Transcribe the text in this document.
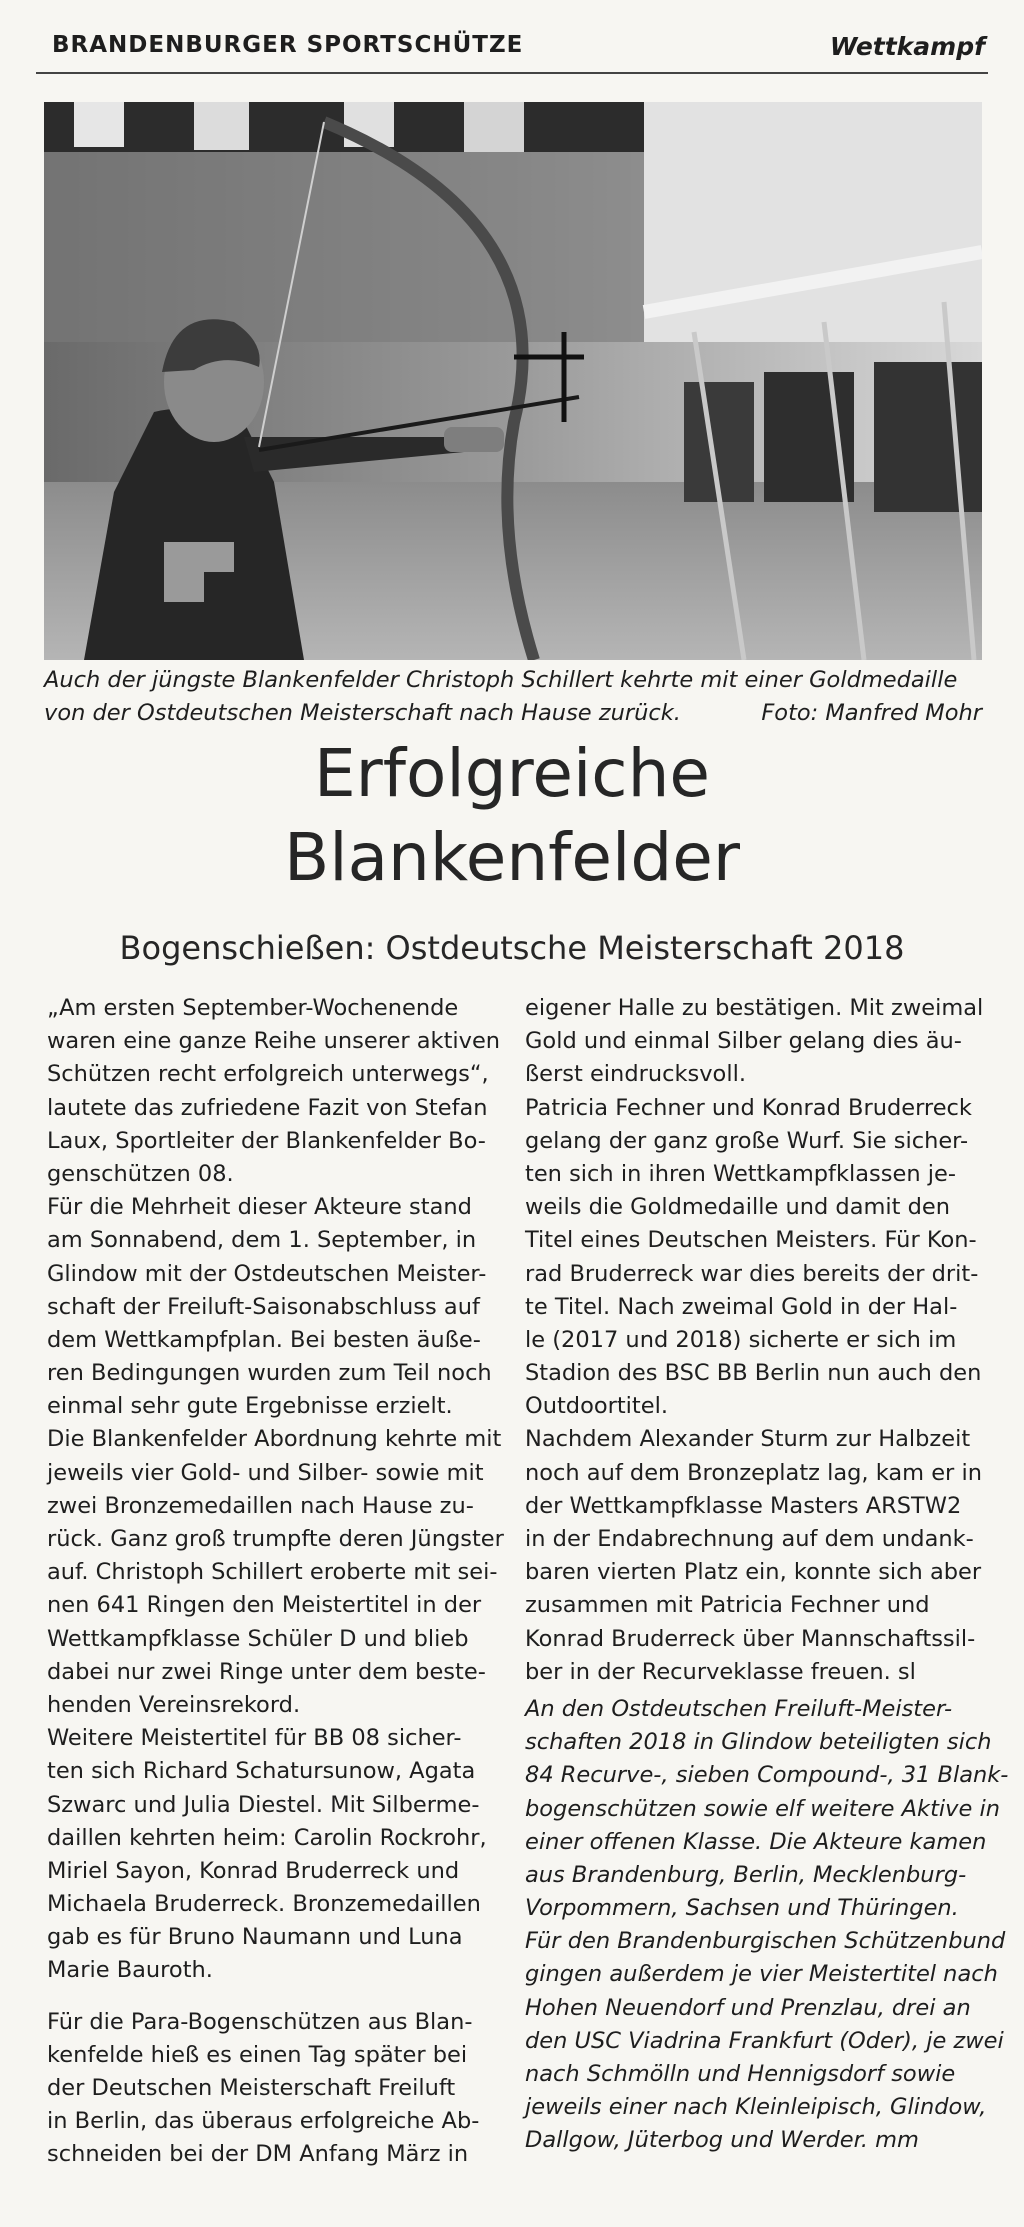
BRANDENBURGER SPORTSCHÜTZE	Wettkampf
Auch der jüngste Blankenfelder Christoph Schillert kehrte mit einer Goldmedaille
von der Ostdeutschen Meisterschaft nach Hause zurück.	Foto: Manfred Mohr
Erfolgreiche
Blankenfelder
Bogenschießen: Ostdeutsche Meisterschaft 2018
„Am ersten September-Wochenende
waren eine ganze Reihe unserer aktiven
Schützen recht erfolgreich unterwegs“,
lautete das zufriedene Fazit von Stefan
Laux, Sportleiter der Blankenfelder Bo-
genschützen 08.
Für die Mehrheit dieser Akteure stand
am Sonnabend, dem 1. September, in
Glindow mit der Ostdeutschen Meister-
schaft der Freiluft-Saisonabschluss auf
dem Wettkampfplan. Bei besten äuße-
ren Bedingungen wurden zum Teil noch
einmal sehr gute Ergebnisse erzielt.
Die Blankenfelder Abordnung kehrte mit
jeweils vier Gold- und Silber- sowie mit
zwei Bronzemedaillen nach Hause zu-
rück. Ganz groß trumpfte deren Jüngster
auf. Christoph Schillert eroberte mit sei-
nen 641 Ringen den Meistertitel in der
Wettkampfklasse Schüler D und blieb
dabei nur zwei Ringe unter dem beste-
henden Vereinsrekord.
Weitere Meistertitel für BB 08 sicher-
ten sich Richard Schatursunow, Agata
Szwarc und Julia Diestel. Mit Silberme-
daillen kehrten heim: Carolin Rockrohr,
Miriel Sayon, Konrad Bruderreck und
Michaela Bruderreck. Bronzemedaillen
gab es für Bruno Naumann und Luna
Marie Bauroth.
Für die Para-Bogenschützen aus Blan-
kenfelde hieß es einen Tag später bei
der Deutschen Meisterschaft Freiluft
in Berlin, das überaus erfolgreiche Ab-
schneiden bei der DM Anfang März in
eigener Halle zu bestätigen. Mit zweimal
Gold und einmal Silber gelang dies äu-
ßerst eindrucksvoll.
Patricia Fechner und Konrad Bruderreck
gelang der ganz große Wurf. Sie sicher-
ten sich in ihren Wettkampfklassen je-
weils die Goldmedaille und damit den
Titel eines Deutschen Meisters. Für Kon-
rad Bruderreck war dies bereits der drit-
te Titel. Nach zweimal Gold in der Hal-
le (2017 und 2018) sicherte er sich im
Stadion des BSC BB Berlin nun auch den
Outdoortitel.
Nachdem Alexander Sturm zur Halbzeit
noch auf dem Bronzeplatz lag, kam er in
der Wettkampfklasse Masters ARSTW2
in der Endabrechnung auf dem undank-
baren vierten Platz ein, konnte sich aber
zusammen mit Patricia Fechner und
Konrad Bruderreck über Mannschaftssil-
ber in der Recurveklasse freuen. sl
An den Ostdeutschen Freiluft-Meister-
schaften 2018 in Glindow beteiligten sich
84 Recurve-, sieben Compound-, 31 Blank-
bogenschützen sowie elf weitere Aktive in
einer offenen Klasse. Die Akteure kamen
aus Brandenburg, Berlin, Mecklenburg-
Vorpommern, Sachsen und Thüringen.
Für den Brandenburgischen Schützenbund
gingen außerdem je vier Meistertitel nach
Hohen Neuendorf und Prenzlau, drei an
den USC Viadrina Frankfurt (Oder), je zwei
nach Schmölln und Hennigsdorf sowie
jeweils einer nach Kleinleipisch, Glindow,
Dallgow, Jüterbog und Werder. mm
